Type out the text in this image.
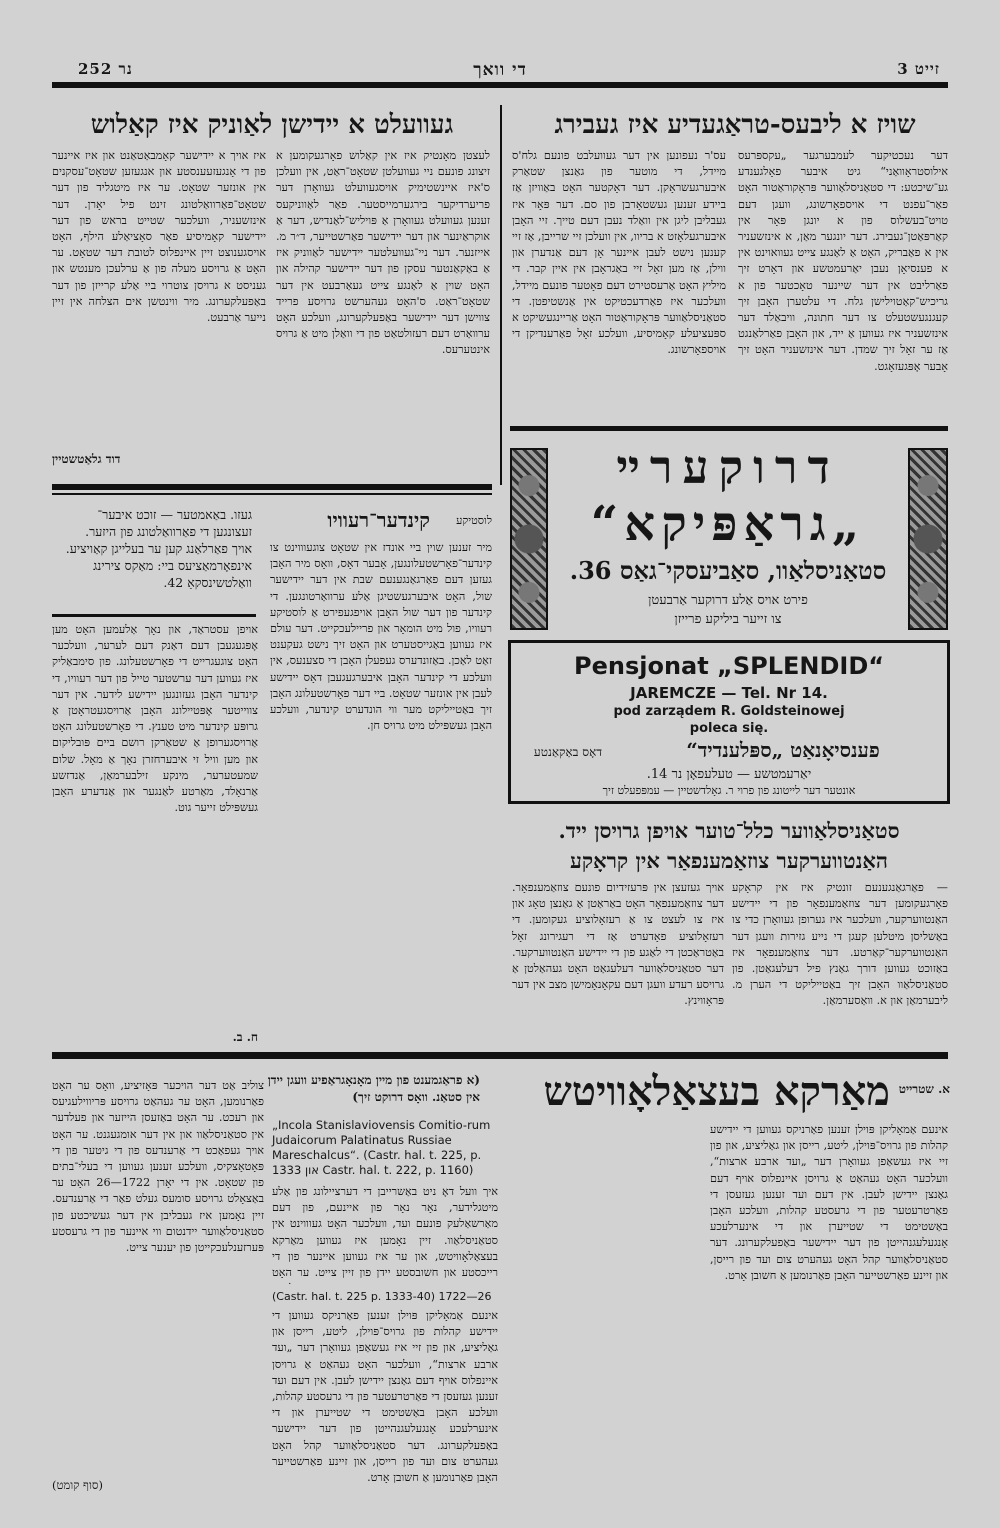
נר 252	די וואך	זייט 3
שויז א ליבעס-טראַגעדיע איז געבירג
דער נעכטיקער לעמבערגער „עקספּרעס אילוסטראָוואַני“ גיט איבער פאָלגענדע גע־שיכטע: די סטאַניסלאַווער פּראָקוראַטור האָט פאַר־עפנט די אויספאָרשונג, וועגן דעם טויט־בעשלוס פון א יונגן פּאָר אין קאַרפּאַטן־געבירג. דער יונגער מאַן, א אינזשעניר אין א פאַבריק, האָט אַ לאַנגע צייט געוואוינט אין א פענסיאָן נעבן יאַרעמטשע און דאָרט זיך פאַרליבט אין דער שיינער טאָכטער פון א גריכיש־קאַטוילישן גלח. די עלטערן האָבן זיך קעגנגעשטעלט צו דער חתונה, וויבאַלד דער אינזשעניר איז געווען אַ ייד, און האָבן פאַרלאַנגט אַז ער זאָל זיך שמדן. דער אינזשעניר האָט זיך אָבער אָפּגעזאָגט.
עס'ר נעפונען אין דער געוועלבט פונעם גלח'ס מיידל, די מוטער פון גאַנצן שטאַרק איבערגעשראָקן. דער דאָקטער האָט באַוויזן אַז ביידע זענען געשטאָרבן פון סם. דער פּאָר איז געבליבן ליגן אין וואַלד נעבן דעם טייך. זיי האָבן איבערגעלאָזט א בריוו, אין וועלכן זיי שרייבן, אַז זיי קענען נישט לעבן איינער אָן דעם אַנדערן און ווילן, אַז מען זאָל זיי באַגראָבן אין איין קבר. די מיליץ האָט אַרעסטירט דעם פאָטער פונעם מיידל, וועלכער איז פאַרדעכטיקט אין אַנשטיפטן. די סטאַניסלאַווער פּראָקוראַטור האָט אַריינגעשיקט א ספּעציעלע קאָמיסיע, וועלכע זאָל פאַרענדיקן די אויספאָרשונג.
געוועלט א יידישן לאַוניק איז קאַלוש
לעצטן מאָנטיק איז אין קאַלוש פאָרגעקומען א זיצונג פונעם ניי געוועלטן שטאָט־ראַט, אין וועלכן ס'איז איינשטימיק אויסגעוועלט געוואָרן דער פריערדיקער בירגערמייסטער. פאַר לאַווניקעס זענען געוועלט געוואָרן אַ פּויליש־לאַנדיש, דער אַ אוקראַיִנער און דער יידישער פאַרשטייער, ד״ר מ. אייזנער. דער ניי־געוועלטער יידישער לאַווניק איז אַ באַקאַנטער עסקן פון דער יידישער קהילה און האָט שוין אַ לאַנגע צייט געאַרבעט אין דער שטאָט־ראַט. ס'האָט געהערשט גרויסע פרייד צווישן דער יידישער באַפעלקערונג, וועלכע האָט ערוואַרט דעם רעזולטאַט פון די וואַלן מיט אַ גרויס אינטערעס.
איז אויך א יידישער קאָמבאַטאַנט און איז איינער פון די אָנגעזעענסטע און אנגעזען שטאָט־עסקנים אין אונזער שטאָט. ער איז מיטגליד פון דער שטאָט־פאַרוואַלטונג זינט פיל יאָרן. דער אינזשעניר, וועלכער שטייט בראש פון דער יידישער קאָמיסיע פאַר סאָציאַלע הילף, האָט אויסגענוצט זיין איינפלוס לטובת דער שטאָט. ער האָט אַ גרויסע מעלה פון אַ ערלעכן מענטש און געניסט א גרויסן צוטרוי ביי אַלע קרייזן פון דער באַפעלקערונג. מיר ווינטשן אים הצלחה אין זיין נייער אַרבעט.
דוד גלאַטשטיין	דרוקערײ
„גראַפּיקא“
סטאַניסלאַוו, סאַביעסקי־גאַס 36.
פירט אויס אַלע דרוקער אַרבעטן
צו זייער ביליקע פרייזן
Pensjonat „SPLENDID“
JAREMCZE — Tel. Nr 14.
pod zarządem R. Goldsteinowej
poleca się.
פענסיאָנאַט „ספּלענדיד“
דאָס באַקאַנטע
יאַרעמטשע — טעלעפאָן נר 14.
אונטער דער לייטונג פון פרוי ר. גאָלדשטיין — עמפּפעלט זיך
סטאַניסלאַווער כלל־טוער אויפן גרויסן ייד.
האַנטווערקער צוזאַמענפאַר אין קראָקע
— פאַרגאַנגענעם זונטיק איז אין קראָקע פאָרגעקומען דער צוזאַמענפאָר פון די יידישע האַנטווערקער, וועלכער איז גערופן געוואָרן כדי צו באַשליסן מיטלען קעגן די נייע גזירות וועגן דער האַנטווערקער־קאַרטע. דער צוזאַמענפאָר איז באַזוכט געווען דורך גאַנץ פיל דעלעגאַטן. פון סטאַניסלאַוו האָבן זיך באַטייליקט די הערן מ. ליבערמאַן און א. וואַסערמאַן.
אויך געזעצן אין פּרעזידיום פונעם צוזאַמענפאָר. דער צוזאַמענפאָר האָט באַראַטן אַ גאַנצן טאָג און איז צו לעצט צו אַ רעזאָלוציע געקומען. די רעזאָלוציע פאָדערט אַז די רעגירונג זאָל באַטראַכטן די לאַגע פון די יידישע האַנטווערקער. דער סטאַניסלאַווער דעלעגאַט האָט געהאַלטן אַ גרויסע רעדע וועגן דעם עקאָנאָמישן מצב אין דער פּראָווינץ.
געזו. באַאמטער — זוכט איבער־
זעצונגען די פאַרוואַלטונג פון היזער.
אויך פאַרלאַנג קען ער בעלייגן קאַויציע.
אינפאָרמאַציעס ביי: מאַקס צירינג
וואַלטשינסקאַ 42.
קינדער־רעוויו	לוסטיקע
מיר זענען שוין ביי אונדז אין שטאָט צוגעוווינט צו קינדער־פאָרשטעלונגען, אָבער דאָס, וואָס מיר האָבן געזען דעם פאַרגאַנגענעם שבת אין דער יידישער שול, האָט איבערגעשטיגן אַלע ערוואַרטונגען. די קינדער פון דער שול האָבן אויפגעפירט אַ לוסטיקע רעוויו, פול מיט הומאָר און פריילעכקייט. דער עולם איז געווען באַגייסטערט און האָט זיך נישט געקענט זאַט לאַכן. באַזונדערס געפעלן האָבן די סצענעס, אין וועלכע די קינדער האָבן איבערגעגעבן דאָס יידישע לעבן אין אונזער שטאָט. ביי דער פאָרשטעלונג האָבן זיך באַטייליקט מער ווי הונדערט קינדער, וועלכע האָבן געשפּילט מיט גרויס חן.
אויפן עסטראַד, און נאָך אַלעמען האָט מען אָפּגעגעבן דעם דאַנק דעם לערער, וועלכער האָט צוגעגרייט די פאָרשטעלונג. פון סימבאַליק איז געווען דער ערשטער טייל פון דער רעוויו, די קינדער האָבן געזונגען יידישע לידער. אין דער צווייטער אָפּטיילונג האָבן אַרויסגעטראָטן אַ גרופּע קינדער מיט טענץ. די פאָרשטעלונג האָט אַרויסגערופן אַ שטאַרקן רושם ביים פּובליקום און מען וויל זי איבערחזרן נאָך אַ מאָל. שלום שמעטערער, מינקע זילבערמאַן, אַנדזשע אַרנאָלד, מאַרטע לאַנגער און אַנדערע האָבן געשפּילט זייער גוט.
ח. ב.
מאַרקא בעצאַלאָוויטש א. שטרייט
(א פראַגמענט פון מיין מאָנאָגראַפיע וועגן יידן אין סטאַנ. וואָס דרוקט זיך)
אינעם אַמאָליקן פּוילן זענען פאַרניקס געווען די יידישע קהלות פון גרויס־פּוילן, ליטע, רייסן און גאַליציע, און פון זיי איז געשאַפן געוואָרן דער „ועד ארבע ארצות“, וועלכער האָט געהאַט אַ גרויסן איינפלוס אויף דעם גאַנצן יידישן לעבן. אין דעם ועד זענען געזעסן די פאַרטרעטער פון די גרעסטע קהלות, וועלכע האָבן באַשטימט די שטייערן און די אינערלעכע אָנגעלעגנהייטן פון דער יידישער באַפעלקערונג. דער סטאַניסלאַווער קהל האָט געהערט צום ועד פון רייסן, און זיינע פאַרשטייער האָבן פאַרנומען אַ חשובן אָרט.
„Incola Stanislaviovensis Comitio-rum Judaicorum Palatinatus Russiae Mareschalcus“. (Castr. hal. t. 225, p. 1333 און Castr. hal. t. 222, p. 1160)
איך וועל דאָ ניט באַשרייבן די דערציילונג פון אַלע מיטגלידער, נאָר נאָר פון איינעם, פון דעם מאַרשאַלעק פונעם ועד, וועלכער האָט געוווינט אין סטאַניסלאַוו. זיין נאָמען איז געווען מאַרקא בעצאַלאָוויטש, און ער איז געווען איינער פון די רייכסטע און חשובסטע יידן פון זיין צייט. ער האָט
(Castr. hal. t. 225 p. 1333-40) 1722—26
אינעם אַמאָליקן פּוילן זענען פאַרניקס געווען די יידישע קהלות פון גרויס־פּוילן, ליטע, רייסן און גאַליציע, און פון זיי איז געשאַפן געוואָרן דער „ועד ארבע ארצות“, וועלכער האָט געהאַט אַ גרויסן איינפלוס אויף דעם גאַנצן יידישן לעבן. אין דעם ועד זענען געזעסן די פאַרטרעטער פון די גרעסטע קהלות, וועלכע האָבן באַשטימט די שטייערן און די אינערלעכע אָנגעלעגנהייטן פון דער יידישער באַפעלקערונג. דער סטאַניסלאַווער קהל האָט געהערט צום ועד פון רייסן, און זיינע פאַרשטייער האָבן פאַרנומען אַ חשובן אָרט.
צוליב אַט דער הויכער פּאָזיציע, וואָס ער האָט פאַרנומען, האָט ער געהאַט גרויסע פּריווילעגיעס און רעכט. ער האָט באַזעסן הייזער און פעלדער אין סטאַניסלאַוו און אין דער אומגעגנט. ער האָט אויך געפאַכט די אַרענדעס פון די גיטער פון די פּאָטאָצקיס, וועלכע זענען געווען די בעלי־בתים פון שטאָט. אין די יאָרן 1722—26 האָט ער באַצאָלט גרויסע סומעס געלט פאַר די אַרענדעס. זיין נאָמען איז געבליבן אין דער געשיכטע פון סטאַניסלאַווער יידנטום ווי איינער פון די גרעסטע פּערזענלעכקייטן פון יענער צייט.
(סוף קומט)
